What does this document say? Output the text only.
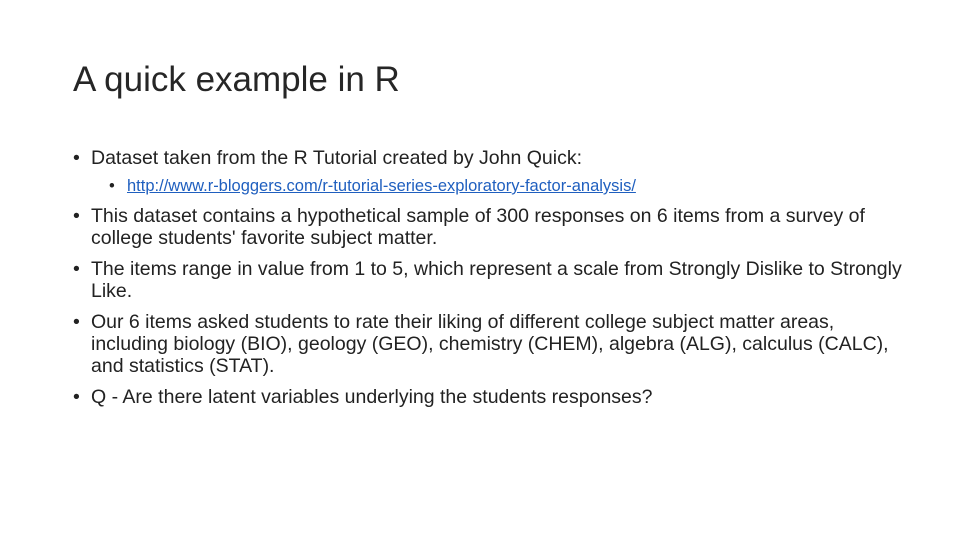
A quick example in R
• Dataset taken from the R Tutorial created by John Quick:
• http://www.r-bloggers.com/r-tutorial-series-exploratory-factor-analysis/
• This dataset contains a hypothetical sample of 300 responses on 6 items from a survey of college students' favorite subject matter.
• The items range in value from 1 to 5, which represent a scale from Strongly Dislike to Strongly Like.
• Our 6 items asked students to rate their liking of different college subject matter areas, including biology (BIO), geology (GEO), chemistry (CHEM), algebra (ALG), calculus (CALC), and statistics (STAT).
• Q - Are there latent variables underlying the students responses?
